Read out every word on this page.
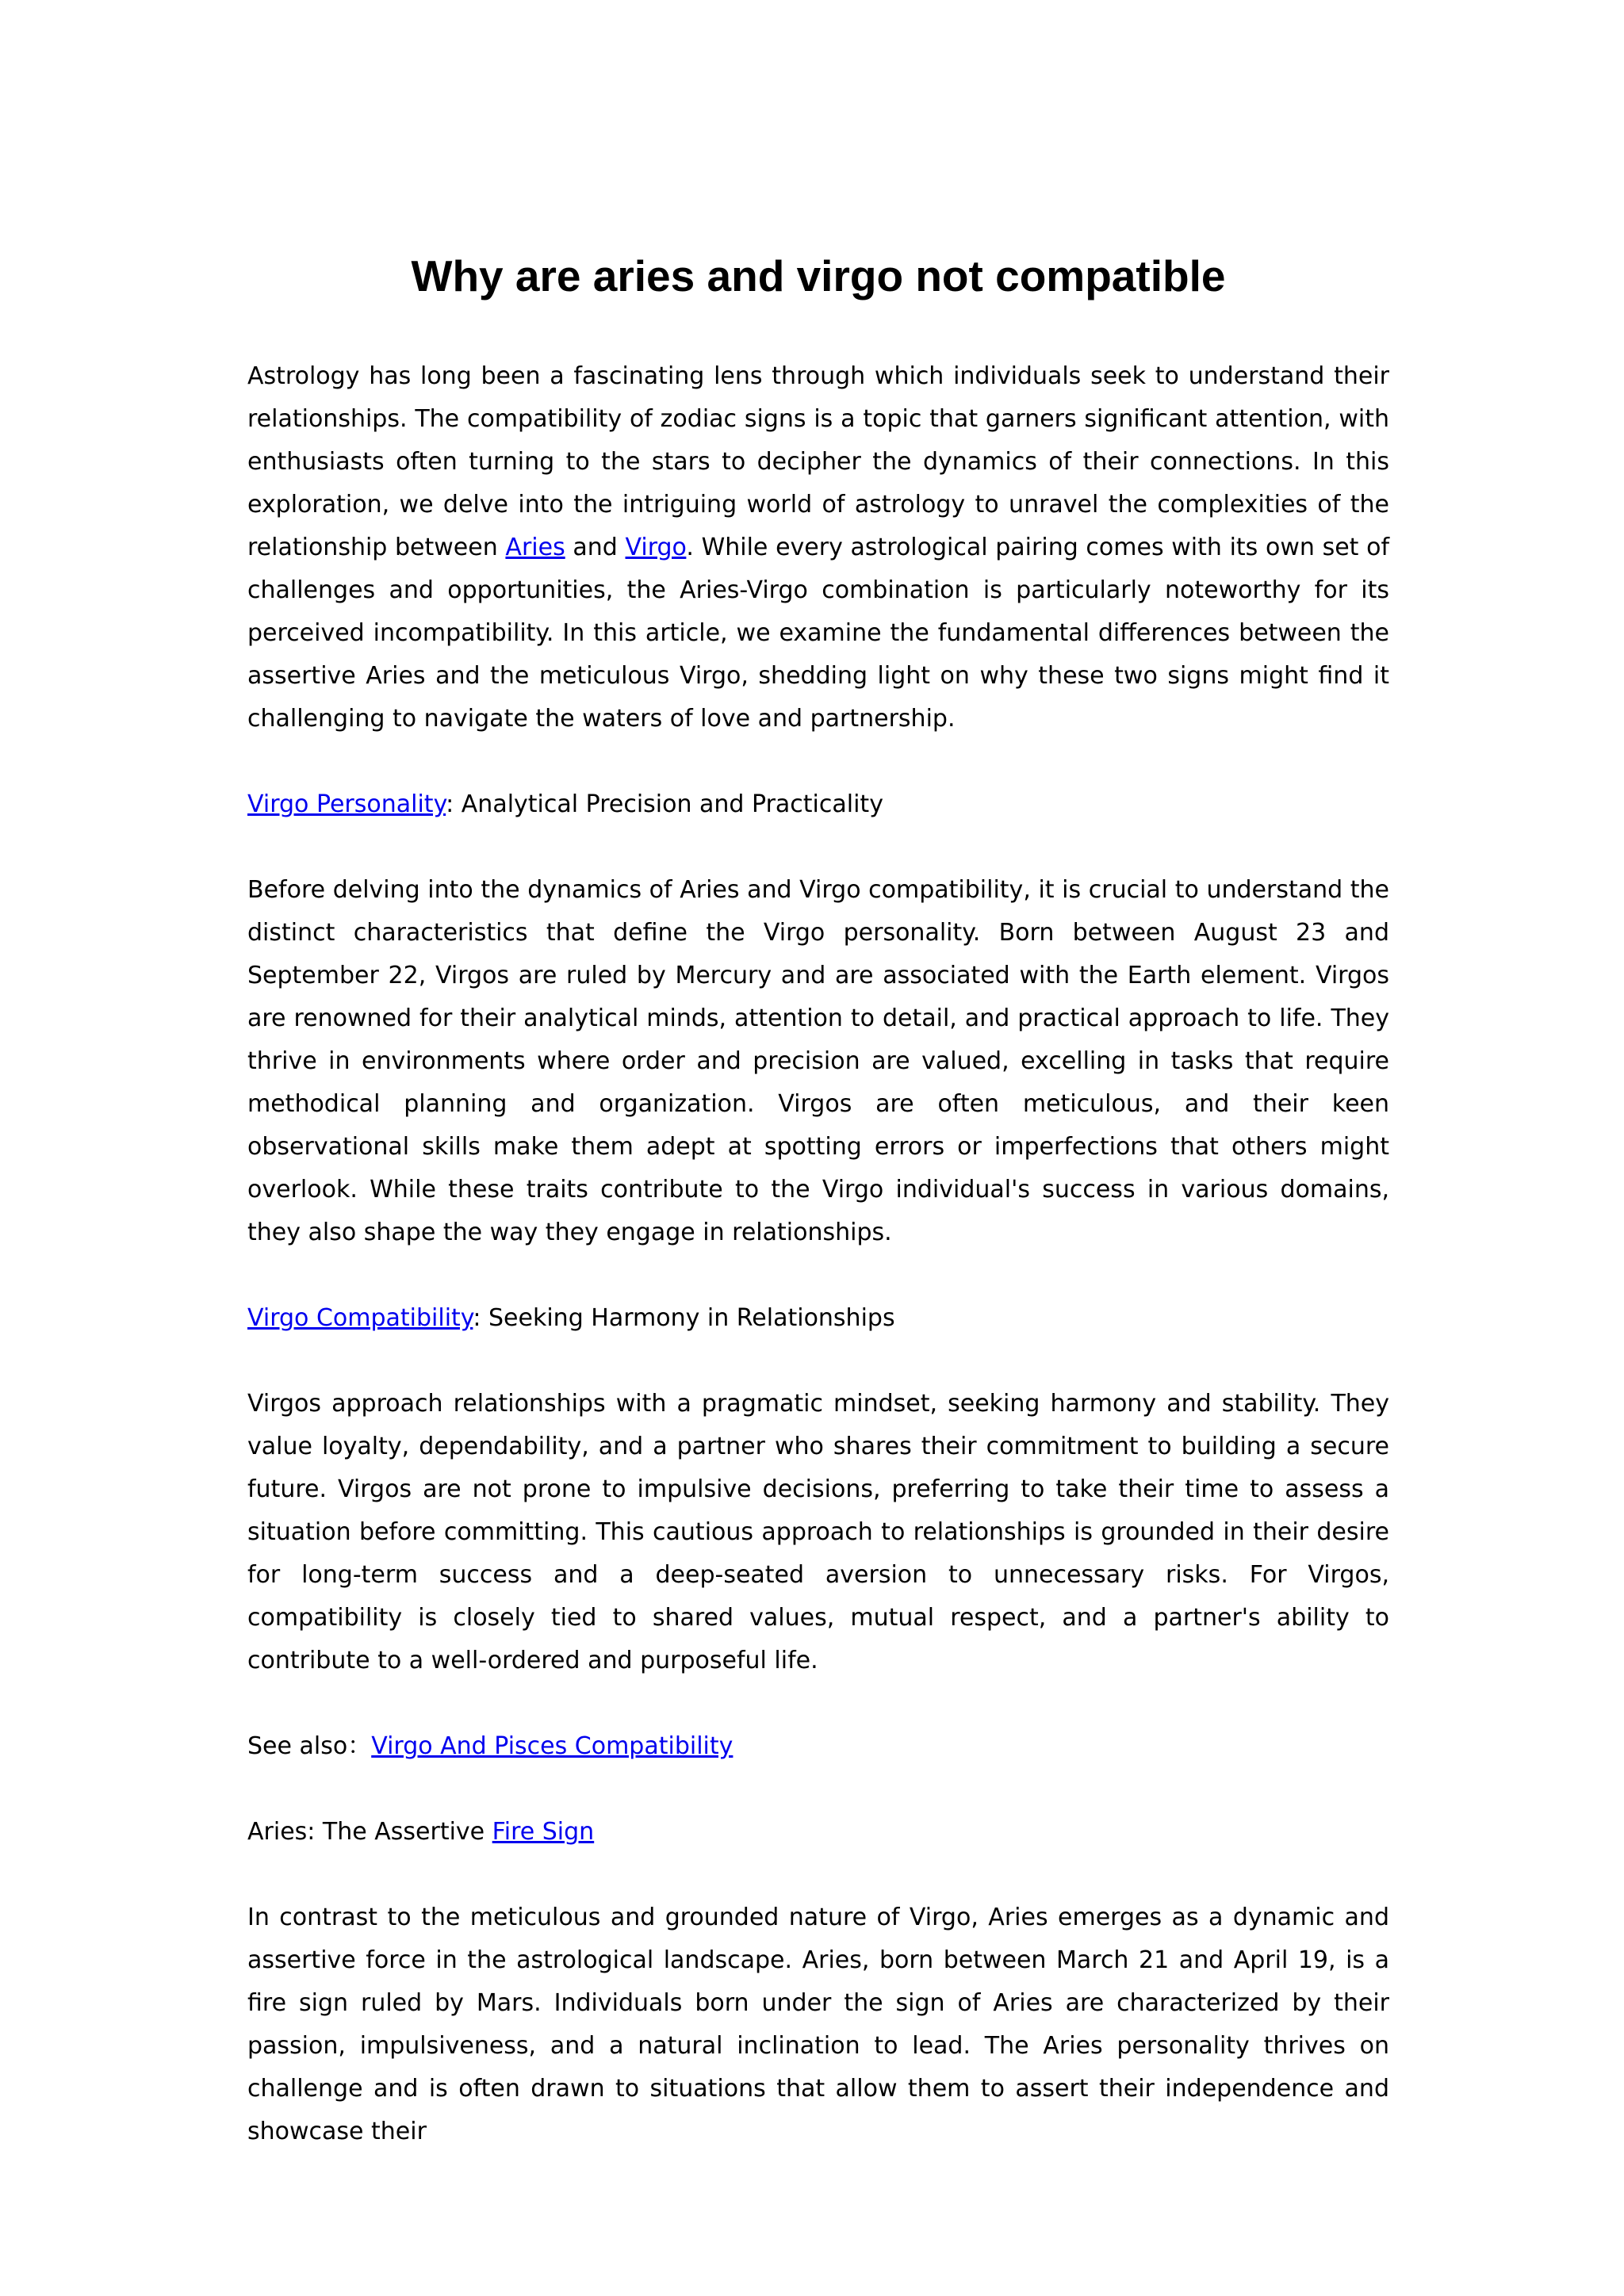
Why are aries and virgo not compatible

Astrology has long been a fascinating lens through which individuals seek to understand their relationships. The compatibility of zodiac signs is a topic that garners significant attention, with enthusiasts often turning to the stars to decipher the dynamics of their connections. In this exploration, we delve into the intriguing world of astrology to unravel the complexities of the relationship between Aries and Virgo. While every astrological pairing comes with its own set of challenges and opportunities, the Aries-Virgo combination is particularly noteworthy for its perceived incompatibility. In this article, we examine the fundamental differences between the assertive Aries and the meticulous Virgo, shedding light on why these two signs might find it challenging to navigate the waters of love and partnership.

Virgo Personality: Analytical Precision and Practicality

Before delving into the dynamics of Aries and Virgo compatibility, it is crucial to understand the distinct characteristics that define the Virgo personality. Born between August 23 and September 22, Virgos are ruled by Mercury and are associated with the Earth element. Virgos are renowned for their analytical minds, attention to detail, and practical approach to life. They thrive in environments where order and precision are valued, excelling in tasks that require methodical planning and organization. Virgos are often meticulous, and their keen observational skills make them adept at spotting errors or imperfections that others might overlook. While these traits contribute to the Virgo individual's success in various domains, they also shape the way they engage in relationships.

Virgo Compatibility: Seeking Harmony in Relationships

Virgos approach relationships with a pragmatic mindset, seeking harmony and stability. They value loyalty, dependability, and a partner who shares their commitment to building a secure future. Virgos are not prone to impulsive decisions, preferring to take their time to assess a situation before committing. This cautious approach to relationships is grounded in their desire for long-term success and a deep-seated aversion to unnecessary risks. For Virgos, compatibility is closely tied to shared values, mutual respect, and a partner's ability to contribute to a well-ordered and purposeful life.

See also：Virgo And Pisces Compatibility

Aries: The Assertive Fire Sign

In contrast to the meticulous and grounded nature of Virgo, Aries emerges as a dynamic and assertive force in the astrological landscape. Aries, born between March 21 and April 19, is a fire sign ruled by Mars. Individuals born under the sign of Aries are characterized by their passion, impulsiveness, and a natural inclination to lead. The Aries personality thrives on challenge and is often drawn to situations that allow them to assert their independence and showcase their
